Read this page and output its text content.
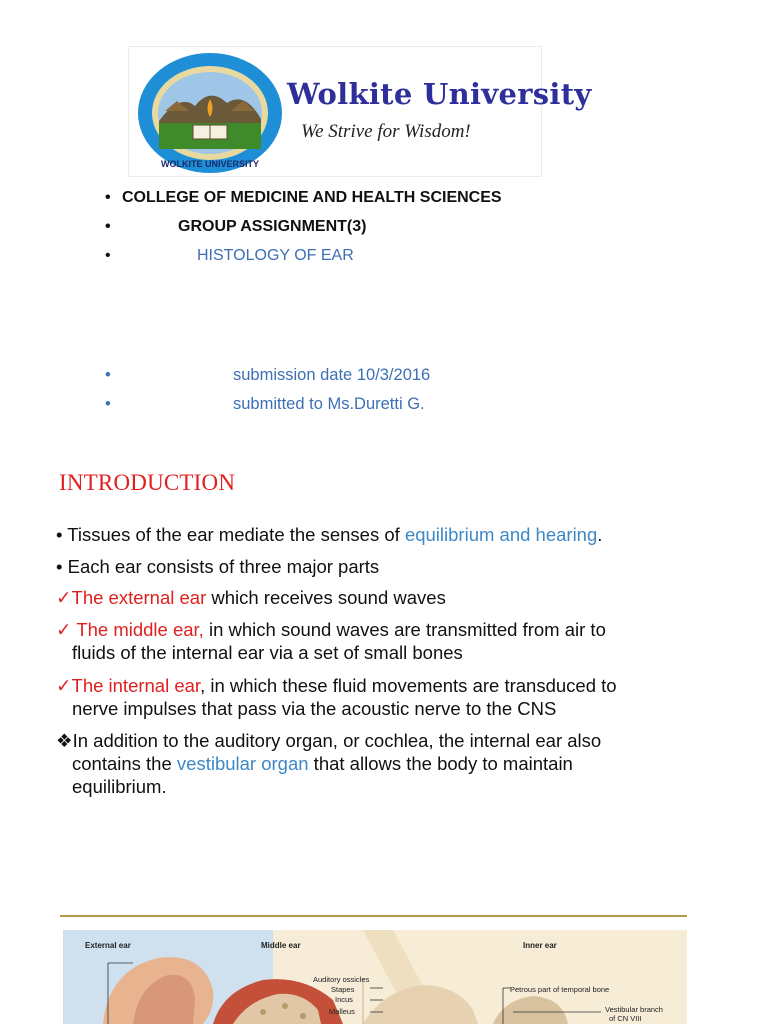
WOLKITE UNIVERSITY
Wolkite University
We Strive for Wisdom!
• COLLEGE OF MEDICINE AND HEALTH SCIENCES
•	GROUP ASSIGNMENT(3)
•	HISTOLOGY OF EAR
•	submission date 10/3/2016
•	submitted to Ms.Duretti G.
INTRODUCTION
• Tissues of the ear mediate the senses of equilibrium and hearing.
• Each ear consists of three major parts
✓The external ear which receives sound waves
✓ The middle ear, in which sound waves are transmitted from air to
fluids of the internal ear via a set of small bones
✓The internal ear, in which these fluid movements are transduced to
nerve impulses that pass via the acoustic nerve to the CNS
❖In addition to the auditory organ, or cochlea, the internal ear also
contains the vestibular organ that allows the body to maintain
equilibrium.
External ear	Middle ear	Inner ear
Auditory ossicles
Stapes
Incus
Malleus
Petrous part of temporal bone
Vestibular branch
of CN VIII
